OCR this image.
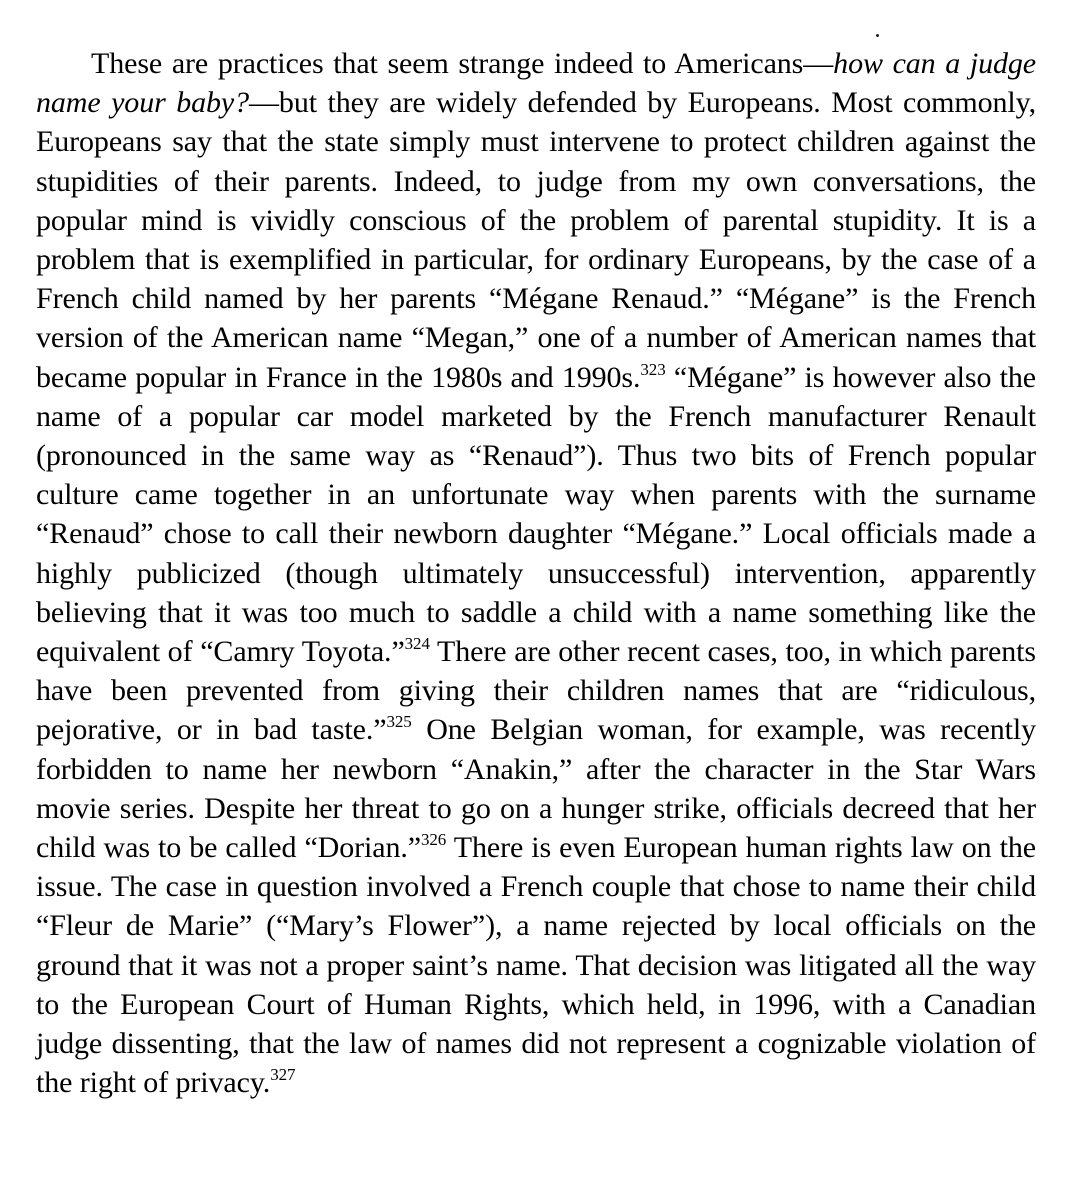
These are practices that seem strange indeed to Americans—how can a judge name your baby?—but they are widely defended by Europeans. Most commonly, Europeans say that the state simply must intervene to protect children against the stupidities of their parents. Indeed, to judge from my own conversations, the popular mind is vividly conscious of the problem of parental stupidity. It is a problem that is exemplified in particular, for ordinary Europeans, by the case of a French child named by her parents “Mégane Renaud.” “Mégane” is the French version of the American name “Megan,” one of a number of American names that became popular in France in the 1980s and 1990s.$^{323}$ “Mégane” is however also the name of a popular car model marketed by the French manufacturer Renault (pronounced in the same way as “Renaud”). Thus two bits of French popular culture came together in an unfortunate way when parents with the surname “Renaud” chose to call their newborn daughter “Mégane.” Local officials made a highly publicized (though ultimately unsuccessful) intervention, apparently believing that it was too much to saddle a child with a name something like the equivalent of “Camry Toyota.”$^{324}$ There are other recent cases, too, in which parents have been prevented from giving their children names that are “ridiculous, pejorative, or in bad taste.”$^{325}$ One Belgian woman, for example, was recently forbidden to name her newborn “Anakin,” after the character in the Star Wars movie series. Despite her threat to go on a hunger strike, officials decreed that her child was to be called “Dorian.”$^{326}$ There is even European human rights law on the issue. The case in question involved a French couple that chose to name their child “Fleur de Marie” (“Mary’s Flower”), a name rejected by local officials on the ground that it was not a proper saint’s name. That decision was litigated all the way to the European Court of Human Rights, which held, in 1996, with a Canadian judge dissenting, that the law of names did not represent a cognizable violation of the right of privacy.$^{327}$
